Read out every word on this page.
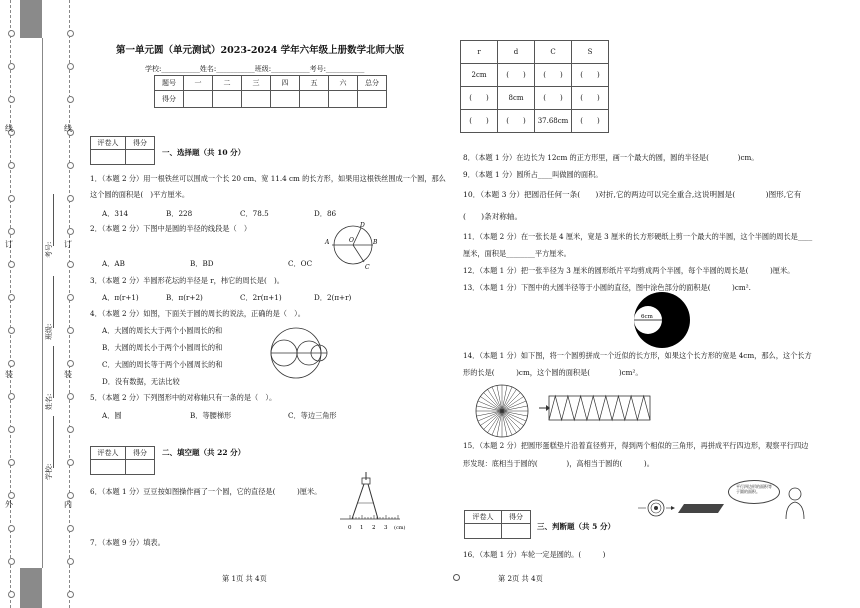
线
订
装
外
线
订
装
内
考号:
班级:
姓名:
学校:
第一单元圆（单元测试）2023-2024 学年六年级上册数学北师大版
学校:___________姓名:___________班级:___________考号:___________
题号	一	二	三	四	五	六	总分
得分							
评卷人	得分

一、选择题（共 10 分）
1．（本题 2 分）用一根铁丝可以围成一个长 20 cm、宽 11.4 cm 的长方形，如果用这根铁丝围成一个圆，那么
这个圆的面积是(　)平方厘米。
A．314	B．228	C．78.5	D．86
2．（本题 2 分）下图中是圆的半径的线段是（　）
A．AB	B．BD	C．OC
A	B
D
O
C
3．（本题 2 分）半圆形花坛的半径是 r，㭏它的周长是(　)。
A．π(r+1)	B．π(r+2)	C．2r(π+1)	D．2(π+r)
4．（本题 2 分）如图，下面关于圆的周长的说法，正确的是（　）。
A．大圆的周长大于两个小圆周长的和
B．大圆的周长小于两个小圆周长的和
C．大圆的周长等于两个小圆周长的和
D．没有数据，无法比较
5．（本题 2 分）下列图形中的对称轴只有一条的是（　）。
A．圆	B．等腰梯形	C．等边三角形
评卷人	得分
	二、填空题（共 22 分）
6．（本题 1 分）豆豆按如图操作画了一个圆，它的直径是(　　　)厘米。
0 1 2 3 (cm)
7．（本题 9 分）填表。
第 1页 共 4页
r	d	C	S
2cm	(　　)	(　　)	(　　)
(　　)	8cm	(　　)	(　　)
(　　)	(　　)	37.68cm	(　　)
8．（本题 1 分）在边长为 12cm 的正方形里，画一个最大的圆，圆的半径是(　　　　)cm。
9．（本题 1 分）圆所占____叫做圆的面积。
10．（本题 3 分）把圆沿任何一条(　　)对折,它的两边可以完全重合,这说明圆是(　　　　)图形,它有
(　　)条对称轴。
11．（本题 2 分）在一张长是 4 厘米，宽是 3 厘米的长方形硬纸上剪一个最大的半圆，这个半圆的周长是____
厘米，面积是________平方厘米。
12．（本题 1 分）把一张半径为 3 厘米的圆形纸片平均剪成两个半圆，每个半圆的周长是(　　　)厘米。
13．（本题 1 分）下图中的大圆半径等于小圆的直径，图中涂色部分的面积是(　　　)cm².
6cm
14．（本题 1 分）如下图，将一个圆剪拼成一个近似的长方形，如果这个长方形的宽是 4cm，那么，这个长方
形的长是(　　　)cm，这个圆的面积是(　　　　)cm²。
15．（本题 2 分）把圆形蛋糕垫片沿着直径剪开，得到两个相似的三角形，再拼成平行四边形，观察平行四边
形发现：底相当于圆的(　　　　)，高相当于圆的(　　　)。
平行四边形的面积等于圆的面积。
评卷人	得分

三、判断题（共 5 分）
16．（本题 1 分）车轮一定是圆的。(　　　)
第 2页 共 4页
